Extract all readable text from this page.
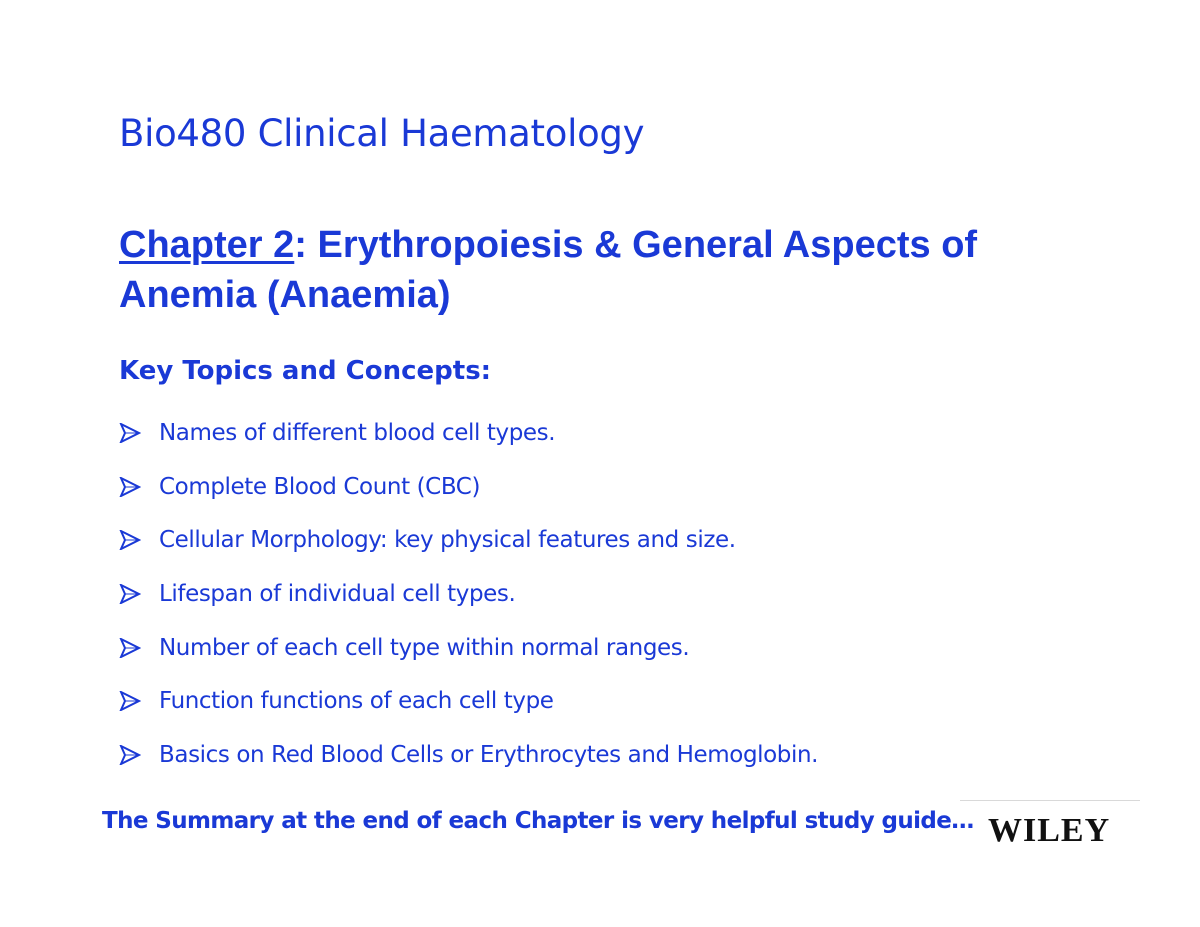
Bio480 Clinical Haematology
Chapter 2: Erythropoiesis & General Aspects of Anemia (Anaemia)
Key Topics and Concepts:
Names of different blood cell types.
Complete Blood Count (CBC)
Cellular Morphology: key physical features and size.
Lifespan of individual cell types.
Number of each cell type within normal ranges.
Function functions of each cell type
Basics on Red Blood Cells or Erythrocytes and Hemoglobin.
The Summary at the end of each Chapter is very helpful study guide… WILEY
